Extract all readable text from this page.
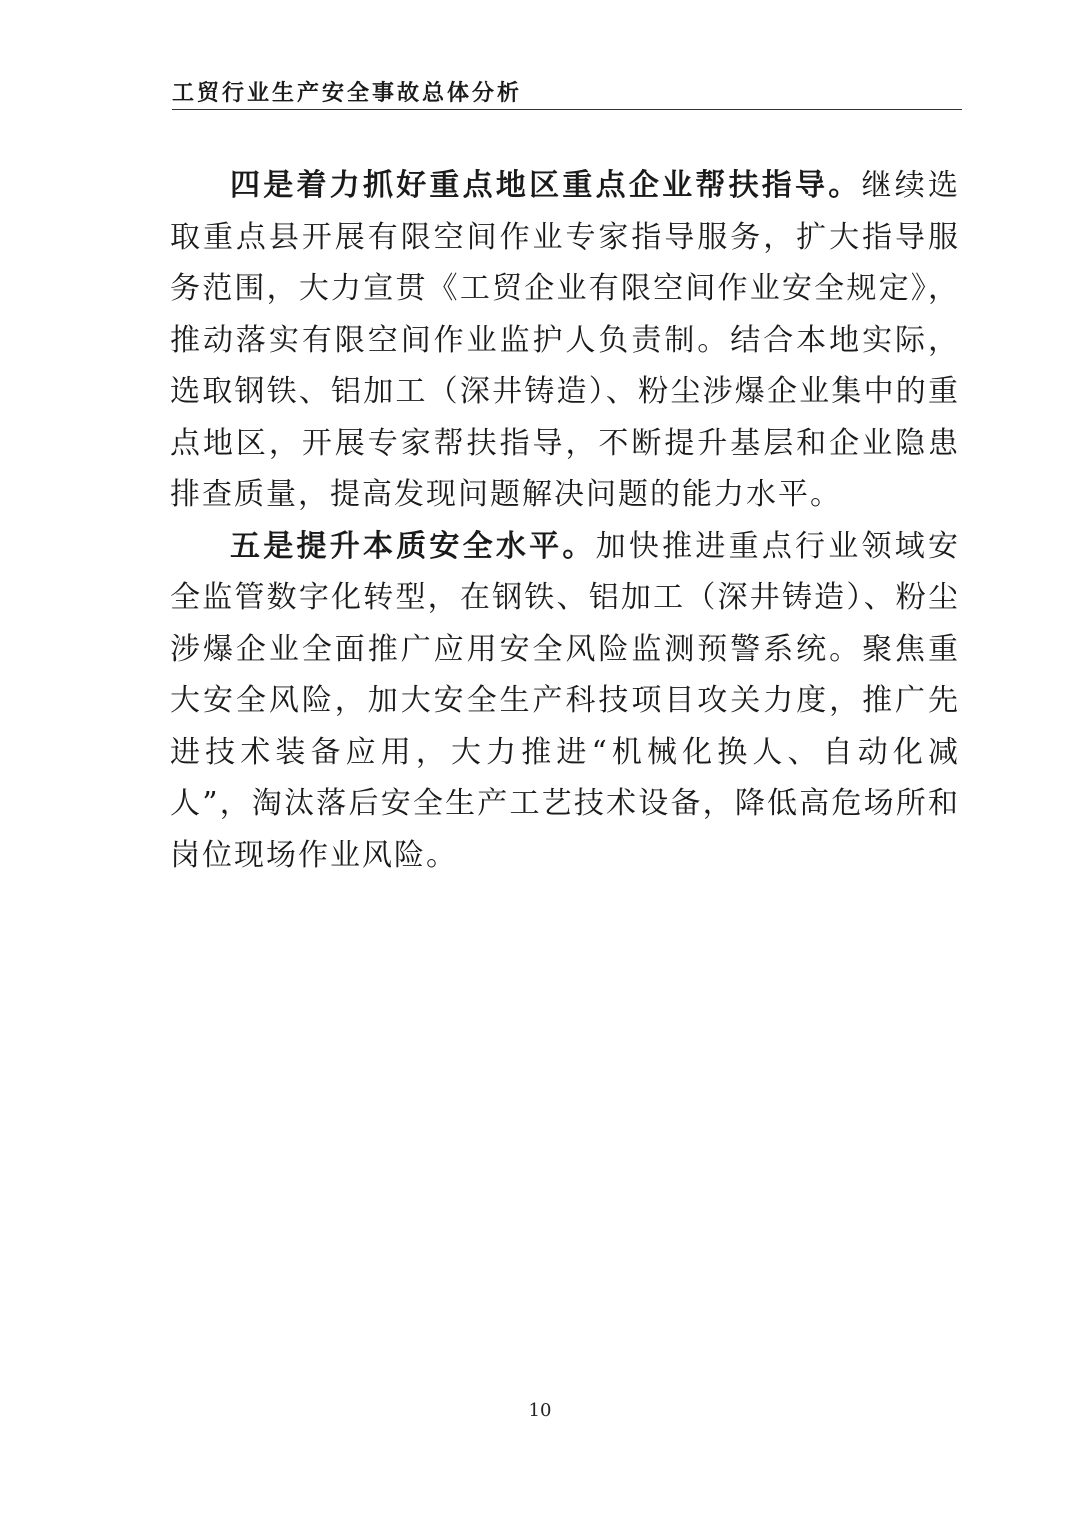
工贸行业生产安全事故总体分析

四是着力抓好重点地区重点企业帮扶指导。继续选取重点县开展有限空间作业专家指导服务，扩大指导服务范围，大力宣贯《工贸企业有限空间作业安全规定》，推动落实有限空间作业监护人负责制。结合本地实际，选取钢铁、铝加工（深井铸造）、粉尘涉爆企业集中的重点地区，开展专家帮扶指导，不断提升基层和企业隐患排查质量，提高发现问题解决问题的能力水平。

五是提升本质安全水平。加快推进重点行业领域安全监管数字化转型，在钢铁、铝加工（深井铸造）、粉尘涉爆企业全面推广应用安全风险监测预警系统。聚焦重大安全风险，加大安全生产科技项目攻关力度，推广先进技术装备应用，大力推进“机械化换人、自动化减人”，淘汰落后安全生产工艺技术设备，降低高危场所和岗位现场作业风险。

10
